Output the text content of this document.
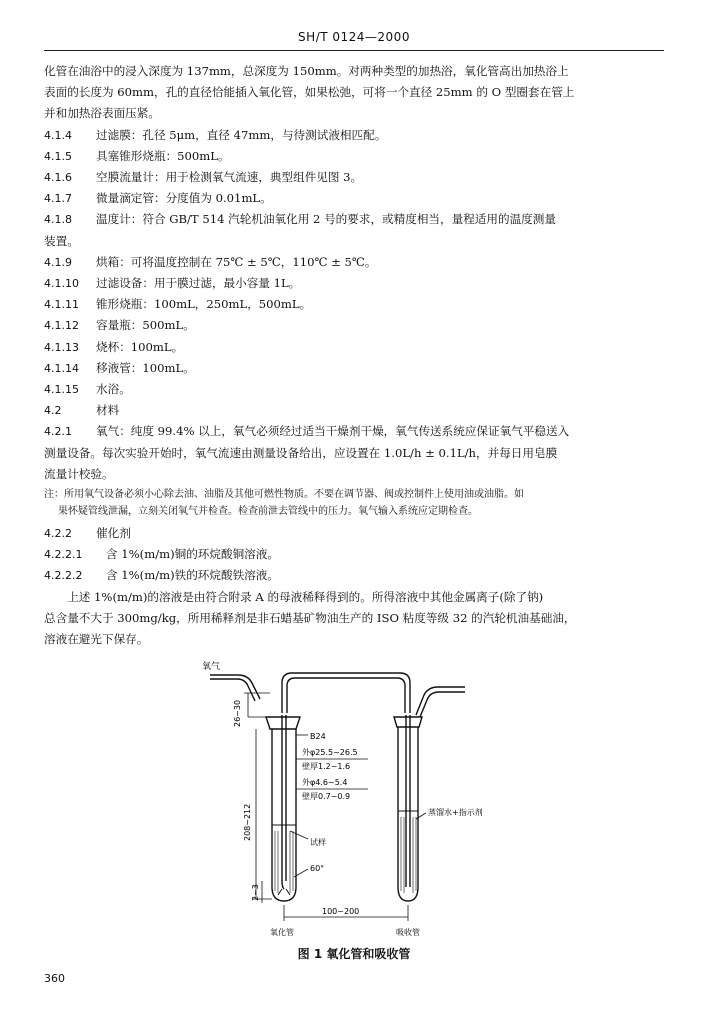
SH/T 0124—2000

化管在油浴中的浸入深度为 137mm，总深度为 150mm。对两种类型的加热浴，氧化管高出加热浴上

表面的长度为 60mm，孔的直径恰能插入氧化管，如果松弛，可将一个直径 25mm 的 O 型圈套在管上

并和加热浴表面压紧。

4.1.4	过滤膜：孔径 5μm，直径 47mm，与待测试液相匹配。

4.1.5	具塞锥形烧瓶：500mL。

4.1.6	空膜流量计：用于检测氧气流速，典型组件见图 3。

4.1.7	微量滴定管：分度值为 0.01mL。

4.1.8	温度计：符合 GB/T 514 汽轮机油氧化用 2 号的要求，或精度相当，量程适用的温度测量

装置。

4.1.9	烘箱：可将温度控制在 75℃ ± 5℃，110℃ ± 5℃。

4.1.10	过滤设备：用于膜过滤，最小容量 1L。

4.1.11	锥形烧瓶：100mL，250mL，500mL。

4.1.12	容量瓶：500mL。

4.1.13	烧杯：100mL。

4.1.14	移液管：100mL。

4.1.15	水浴。

4.2	材料

4.2.1	氧气：纯度 99.4% 以上，氧气必须经过适当干燥剂干燥，氧气传送系统应保证氧气平稳送入

测量设备。每次实验开始时，氧气流速由测量设备给出，应设置在 1.0L/h ± 0.1L/h，并每日用皂膜

流量计校验。

注：所用氧气设备必须小心除去油、油脂及其他可燃性物质。不要在调节器、阀或控制件上使用油或油脂。如

果怀疑管线泄漏，立刻关闭氧气并检查。检查前泄去管线中的压力。氧气输入系统应定期检查。

4.2.2	催化剂

4.2.2.1	含 1%(m/m)铜的环烷酸铜溶液。

4.2.2.2	含 1%(m/m)铁的环烷酸铁溶液。

上述 1%(m/m)的溶液是由符合附录 A 的母液稀释得到的。所得溶液中其他金属离子(除了钠)

总含量不大于 300mg/kg，所用稀释剂是非石蜡基矿物油生产的 ISO 粘度等级 32 的汽轮机油基础油，

溶液在避光下保存。

氧气
26~30
208~212
2~3
B24
外φ25.5~26.5
壁厚1.2~1.6
外φ4.6~5.4
壁厚0.7~0.9
试样
60°
蒸馏水+指示剂
100~200
氧化管	吸收管
图 1 氧化管和吸收管
360
